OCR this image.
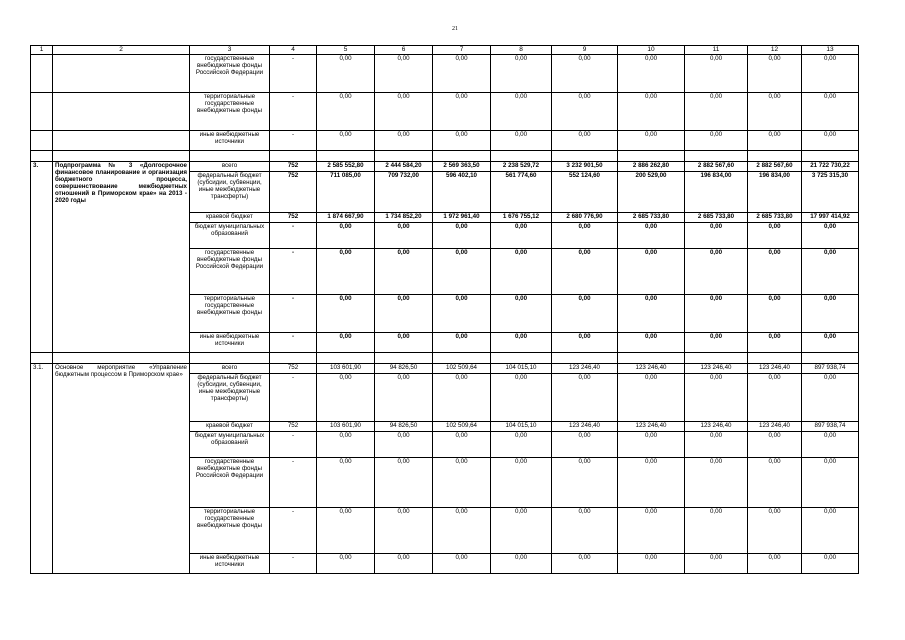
21
1	2	3	4	5	6	7	8	9	10	11	12	13
		государственные внебюджетные фонды Российской Федерации	-	0,00	0,00	0,00	0,00	0,00	0,00	0,00	0,00	0,00
		территориальные государственные внебюджетные фонды	-	0,00	0,00	0,00	0,00	0,00	0,00	0,00	0,00	0,00
		иные внебюджетные источники	-	0,00	0,00	0,00	0,00	0,00	0,00	0,00	0,00	0,00

3.	Подпрограмма № 3 «Долгосрочное финансовое планирование и организация бюджетного процесса, совершенствование межбюджетных отношений в Приморском крае» на 2013 - 2020 годы	всего	752	2 585 552,80	2 444 584,20	2 569 363,50	2 238 529,72	3 232 901,50	2 886 262,80	2 882 567,60	2 882 567,60	21 722 730,22
		федеральный бюджет (субсидии, субвенции, иные межбюджетные трансферты)	752	711 085,00	709 732,00	596 402,10	561 774,60	552 124,60	200 529,00	196 834,00	196 834,00	3 725 315,30
		краевой бюджет	752	1 874 667,90	1 734 852,20	1 972 961,40	1 676 755,12	2 680 776,90	2 685 733,80	2 685 733,80	2 685 733,80	17 997 414,92
		бюджет муниципальных образований	-	0,00	0,00	0,00	0,00	0,00	0,00	0,00	0,00	0,00
		государственные внебюджетные фонды Российской Федерации	-	0,00	0,00	0,00	0,00	0,00	0,00	0,00	0,00	0,00
		территориальные государственные внебюджетные фонды	-	0,00	0,00	0,00	0,00	0,00	0,00	0,00	0,00	0,00
		иные внебюджетные источники	-	0,00	0,00	0,00	0,00	0,00	0,00	0,00	0,00	0,00

3.1.	Основное мероприятие «Управление бюджетным процессом в Приморском крае»	всего	752	103 601,90	94 826,50	102 509,64	104 015,10	123 246,40	123 246,40	123 246,40	123 246,40	897 938,74
		федеральный бюджет (субсидии, субвенции, иные межбюджетные трансферты)	-	0,00	0,00	0,00	0,00	0,00	0,00	0,00	0,00	0,00
		краевой бюджет	752	103 601,90	94 826,50	102 509,64	104 015,10	123 246,40	123 246,40	123 246,40	123 246,40	897 938,74
		бюджет муниципальных образований	-	0,00	0,00	0,00	0,00	0,00	0,00	0,00	0,00	0,00
		государственные внебюджетные фонды Российской Федерации	-	0,00	0,00	0,00	0,00	0,00	0,00	0,00	0,00	0,00
		территориальные государственные внебюджетные фонды	-	0,00	0,00	0,00	0,00	0,00	0,00	0,00	0,00	0,00
		иные внебюджетные источники	-	0,00	0,00	0,00	0,00	0,00	0,00	0,00	0,00	0,00
